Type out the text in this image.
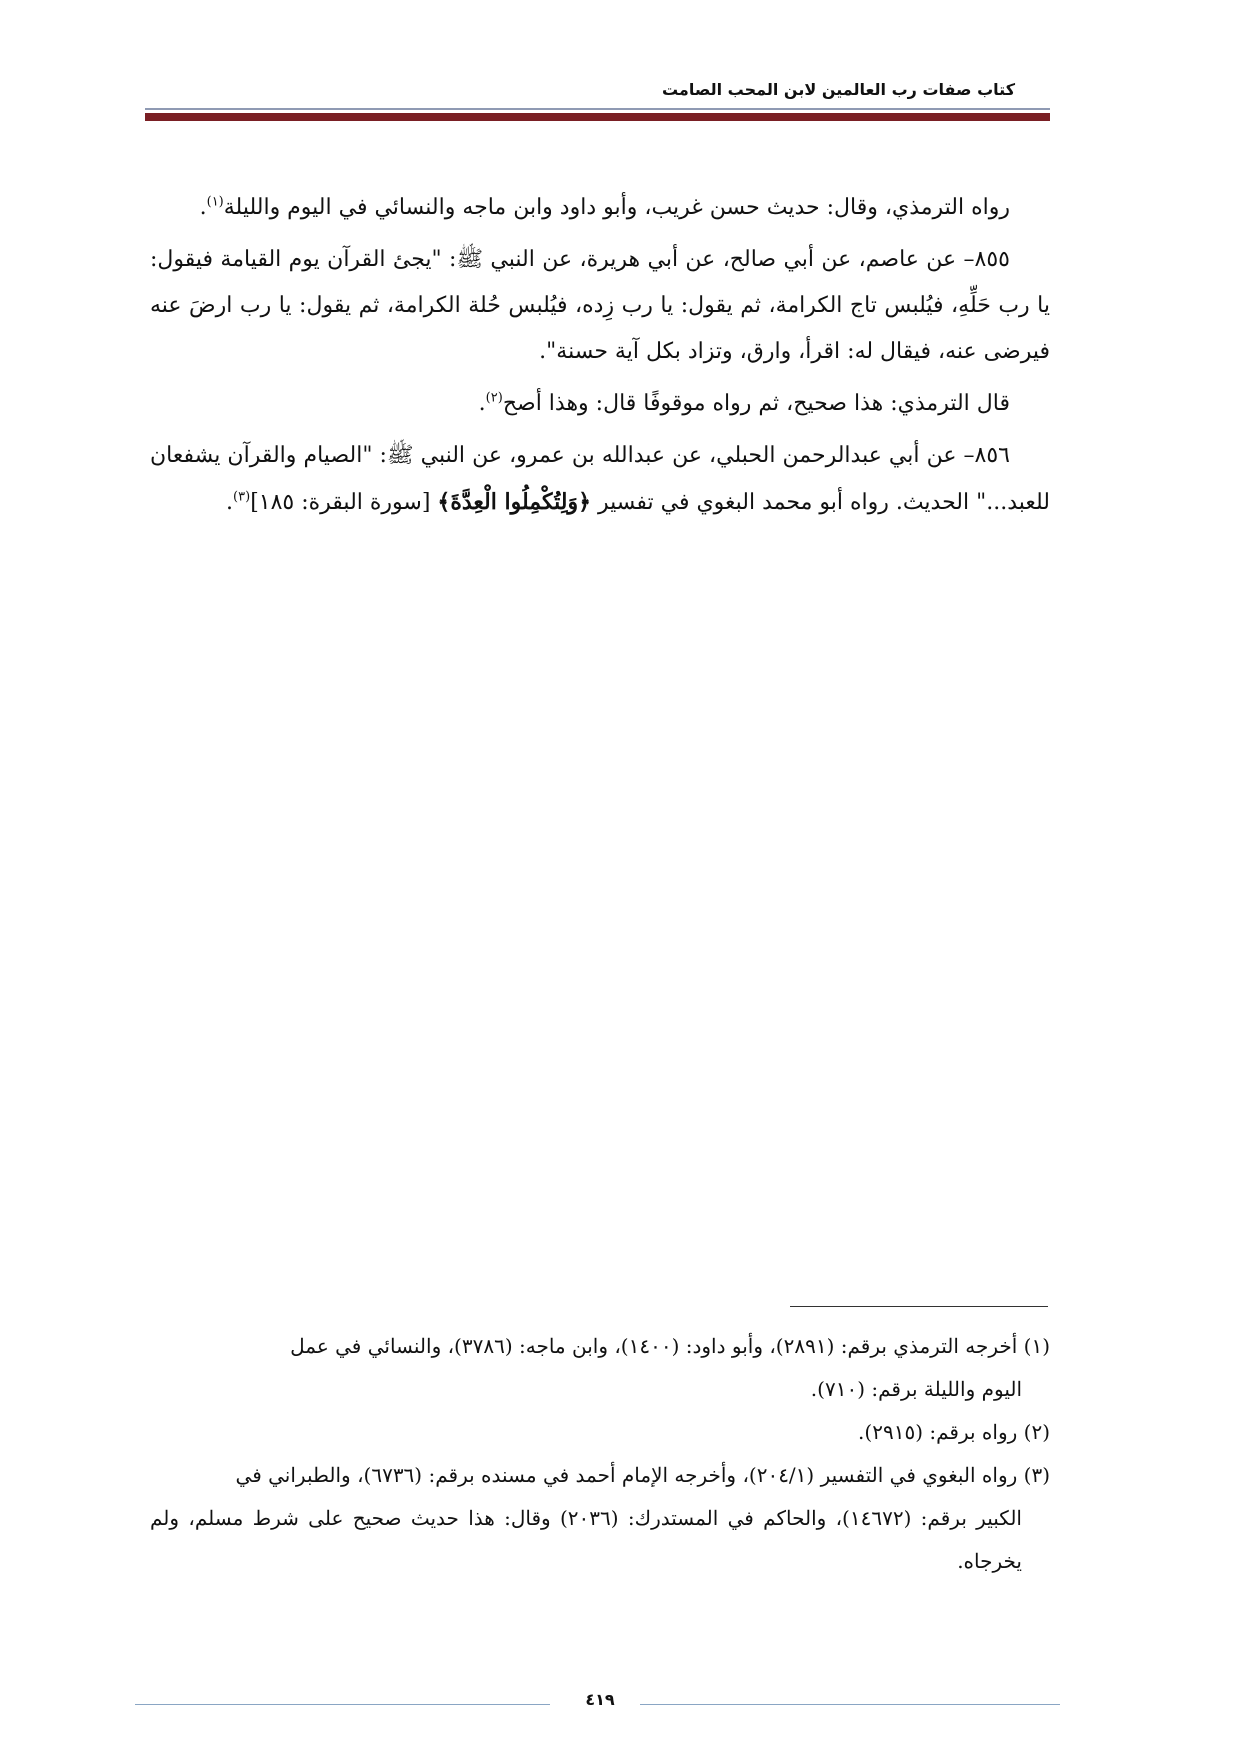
كتاب صفات رب العالمين لابن المحب الصامت

رواه الترمذي، وقال: حديث حسن غريب، وأبو داود وابن ماجه والنسائي في اليوم والليلة$^{(١)}$.

٨٥٥– عن عاصم، عن أبي صالح، عن أبي هريرة، عن النبي ﷺ: "يجئ القرآن يوم القيامة فيقول: يا رب حَلِّهِ، فيُلبس تاج الكرامة، ثم يقول: يا رب زِده، فيُلبس حُلة الكرامة، ثم يقول: يا رب ارضَ عنه فيرضى عنه، فيقال له: اقرأ، وارق، وتزاد بكل آية حسنة".

قال الترمذي: هذا صحيح، ثم رواه موقوفًا قال: وهذا أصح$^{(٢)}$.

٨٥٦– عن أبي عبدالرحمن الحبلي، عن عبدالله بن عمرو، عن النبي ﷺ: "الصيام والقرآن يشفعان للعبد..." الحديث. رواه أبو محمد البغوي في تفسير ﴿وَلِتُكْمِلُوا الْعِدَّةَ﴾ [سورة البقرة: ١٨٥]$^{(٣)}$.

(١) أخرجه الترمذي برقم: (٢٨٩١)، وأبو داود: (١٤٠٠)، وابن ماجه: (٣٧٨٦)، والنسائي في عمل

اليوم والليلة برقم: (٧١٠).

(٢) رواه برقم: (٢٩١٥).

(٣) رواه البغوي في التفسير (٢٠٤/١)، وأخرجه الإمام أحمد في مسنده برقم: (٦٧٣٦)، والطبراني في

الكبير برقم: (١٤٦٧٢)، والحاكم في المستدرك: (٢٠٣٦) وقال: هذا حديث صحيح على شرط مسلم، ولم يخرجاه.

٤١٩
